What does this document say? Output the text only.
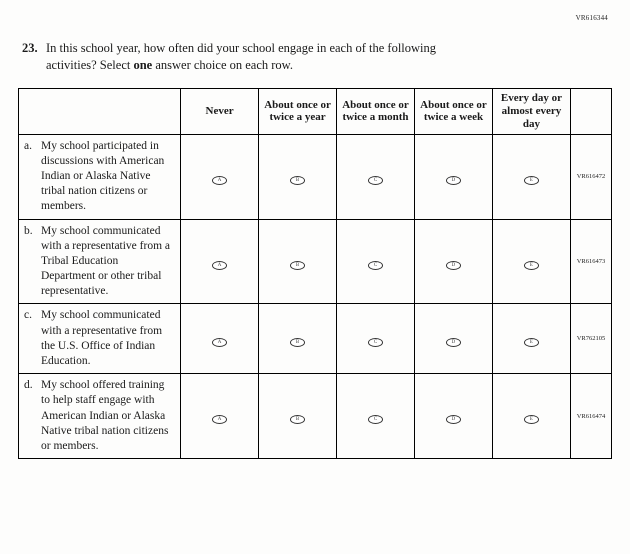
VR616344
23. In this school year, how often did your school engage in each of the following
activities? Select one answer choice on each row.
	Never	About once or twice a year	About once or twice a month	About once or twice a week	Every day or almost every day	

a. My school participated in discussions with American Indian or Alaska Native tribal nation citizens or members.	A	B	C	D	E	VR616472

b. My school communicated with a representative from a Tribal Education Department or other tribal representative.	A	B	C	D	E	VR616473

c. My school communicated with a representative from the U.S. Office of Indian Education.	A	B	C	D	E	VR762105

d. My school offered training to help staff engage with American Indian or Alaska Native tribal nation citizens or members.	A	B	C	D	E	VR616474
